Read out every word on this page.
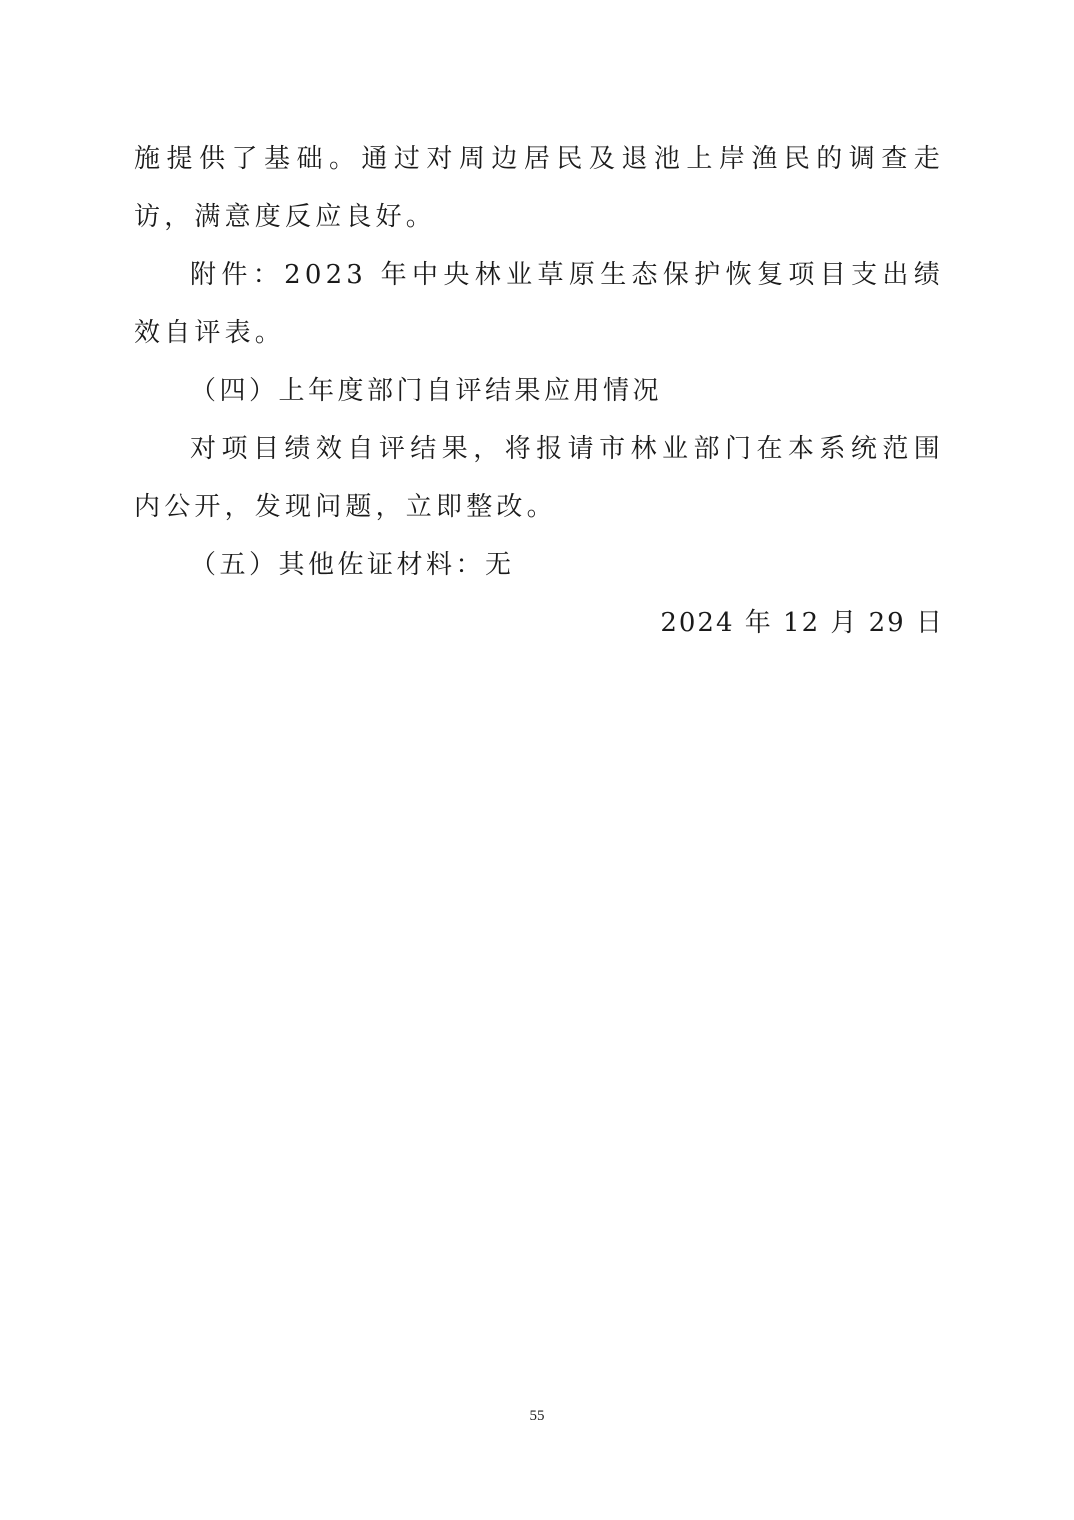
施提供了基础。通过对周边居民及退池上岸渔民的调查走访，满意度反应良好。

附件：2023 年中央林业草原生态保护恢复项目支出绩效自评表。

（四）上年度部门自评结果应用情况

对项目绩效自评结果，将报请市林业部门在本系统范围内公开，发现问题，立即整改。

（五）其他佐证材料：无

2024 年 12 月 29 日

55
